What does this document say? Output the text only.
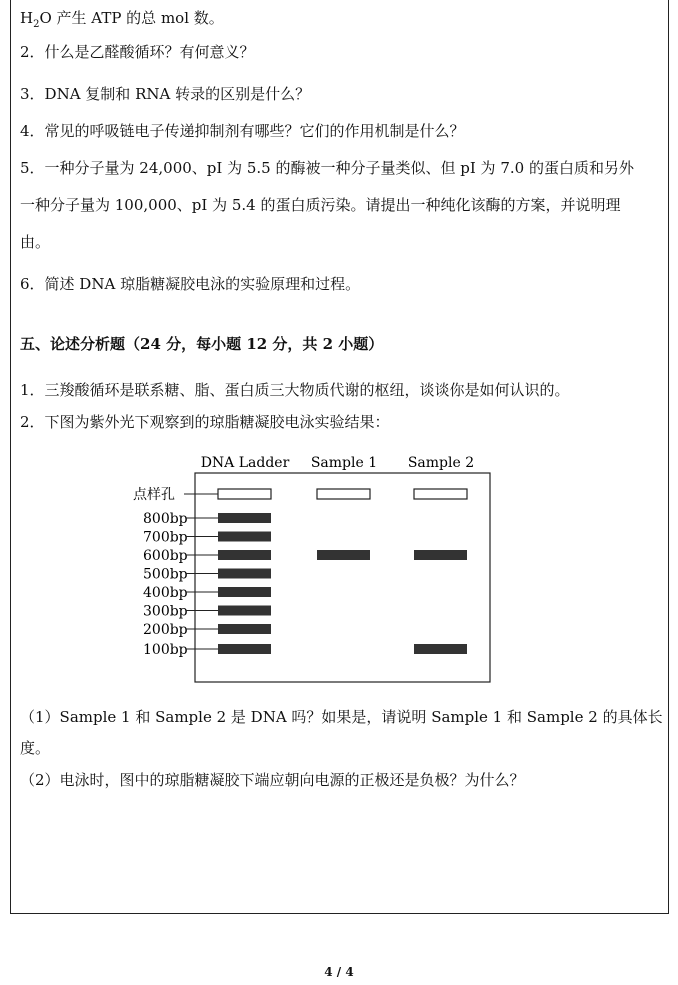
$H_2O$ 产生 ATP 的总 mol 数。
2．什么是乙醛酸循环？有何意义？
3．DNA 复制和 RNA 转录的区别是什么？
4．常见的呼吸链电子传递抑制剂有哪些？它们的作用机制是什么？
5．一种分子量为 24,000、pI 为 5.5 的酶被一种分子量类似、但 pI 为 7.0 的蛋白质和另外
一种分子量为 100,000、pI 为 5.4 的蛋白质污染。请提出一种纯化该酶的方案，并说明理
由。
6．简述 DNA 琼脂糖凝胶电泳的实验原理和过程。
五、论述分析题（24 分，每小题 12 分，共 2 小题）
1．三羧酸循环是联系糖、脂、蛋白质三大物质代谢的枢纽，谈谈你是如何认识的。
2．下图为紫外光下观察到的琼脂糖凝胶电泳实验结果：
DNA Ladder Sample 1 Sample 2
点样孔
800bp
700bp
600bp
500bp
400bp
300bp
200bp
100bp
（1）Sample 1 和 Sample 2 是 DNA 吗？如果是，请说明 Sample 1 和 Sample 2 的具体长
度。
（2）电泳时，图中的琼脂糖凝胶下端应朝向电源的正极还是负极？为什么？
4 / 4
